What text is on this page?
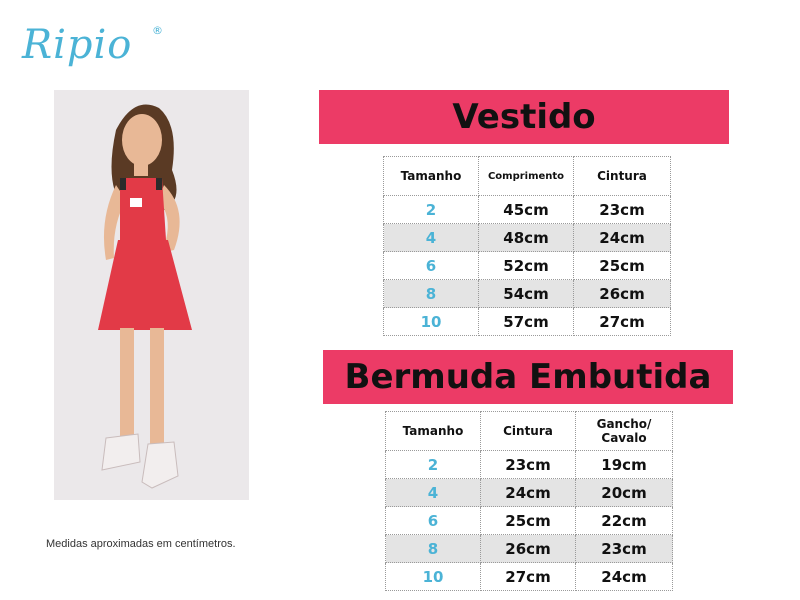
Ripio ®
Medidas aproximadas em centímetros.
Vestido
Tamanho	Comprimento	Cintura
2	45cm	23cm
4	48cm	24cm
6	52cm	25cm
8	54cm	26cm
10	57cm	27cm
Bermuda Embutida
Tamanho	Cintura	Gancho/ Cavalo
2	23cm	19cm
4	24cm	20cm
6	25cm	22cm
8	26cm	23cm
10	27cm	24cm
